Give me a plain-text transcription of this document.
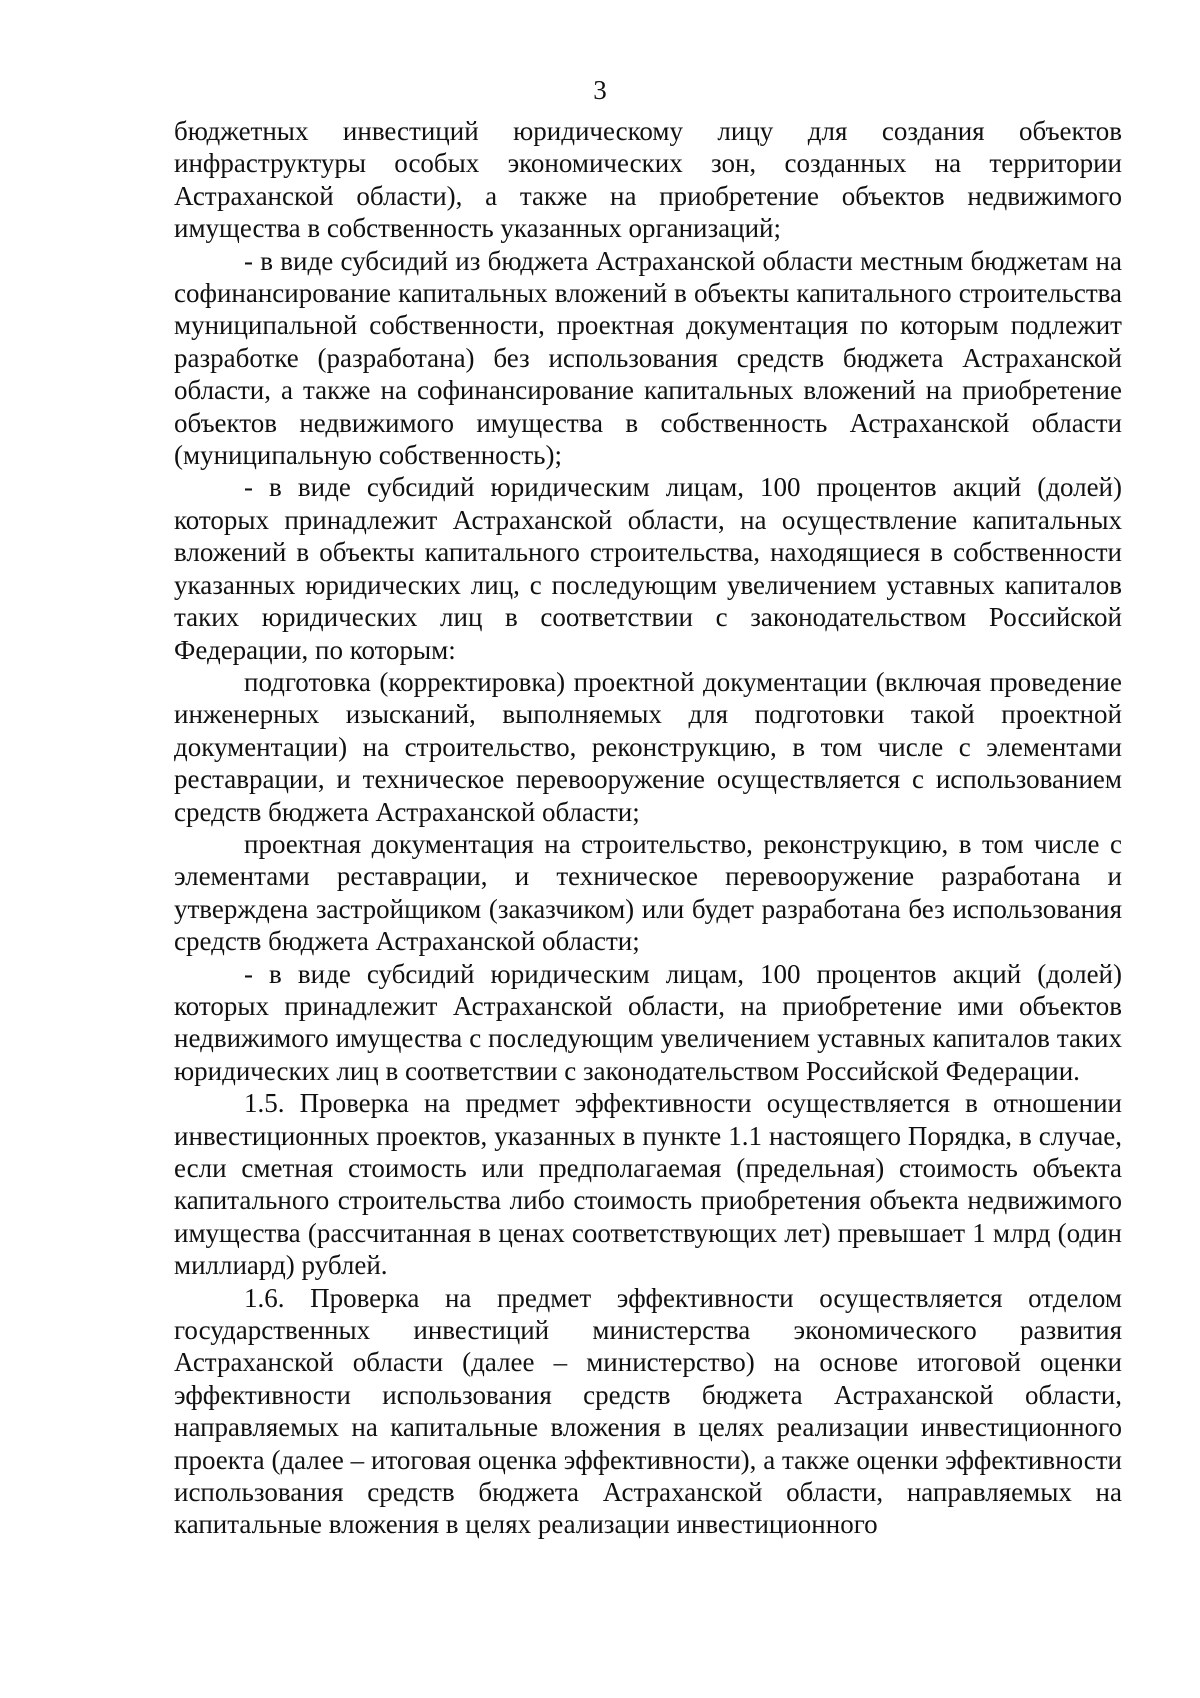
3

бюджетных инвестиций юридическому лицу для создания объектов инфраструктуры особых экономических зон, созданных на территории Астраханской области), а также на приобретение объектов недвижимого имущества в собственность указанных организаций;

- в виде субсидий из бюджета Астраханской области местным бюджетам на софинансирование капитальных вложений в объекты капитального строительства муниципальной собственности, проектная документация по которым подлежит разработке (разработана) без использования средств бюджета Астраханской области, а также на софинансирование капитальных вложений на приобретение объектов недвижимого имущества в собственность Астраханской области (муниципальную собственность);

- в виде субсидий юридическим лицам, 100 процентов акций (долей) которых принадлежит Астраханской области, на осуществление капитальных вложений в объекты капитального строительства, находящиеся в собственности указанных юридических лиц, с последующим увеличением уставных капиталов таких юридических лиц в соответствии с законодательством Российской Федерации, по которым:

подготовка (корректировка) проектной документации (включая проведение инженерных изысканий, выполняемых для подготовки такой проектной документации) на строительство, реконструкцию, в том числе с элементами реставрации, и техническое перевооружение осуществляется с использованием средств бюджета Астраханской области;

проектная документация на строительство, реконструкцию, в том числе с элементами реставрации, и техническое перевооружение разработана и утверждена застройщиком (заказчиком) или будет разработана без использования средств бюджета Астраханской области;

- в виде субсидий юридическим лицам, 100 процентов акций (долей) которых принадлежит Астраханской области, на приобретение ими объектов недвижимого имущества с последующим увеличением уставных капиталов таких юридических лиц в соответствии с законодательством Российской Федерации.

1.5. Проверка на предмет эффективности осуществляется в отношении инвестиционных проектов, указанных в пункте 1.1 настоящего Порядка, в случае, если сметная стоимость или предполагаемая (предельная) стоимость объекта капитального строительства либо стоимость приобретения объекта недвижимого имущества (рассчитанная в ценах соответствующих лет) превышает 1 млрд (один миллиард) рублей.

1.6. Проверка на предмет эффективности осуществляется отделом государственных инвестиций министерства экономического развития Астраханской области (далее – министерство) на основе итоговой оценки эффективности использования средств бюджета Астраханской области, направляемых на капитальные вложения в целях реализации инвестиционного проекта (далее – итоговая оценка эффективности), а также оценки эффективности использования средств бюджета Астраханской области, направляемых на капитальные вложения в целях реализации инвестиционного
